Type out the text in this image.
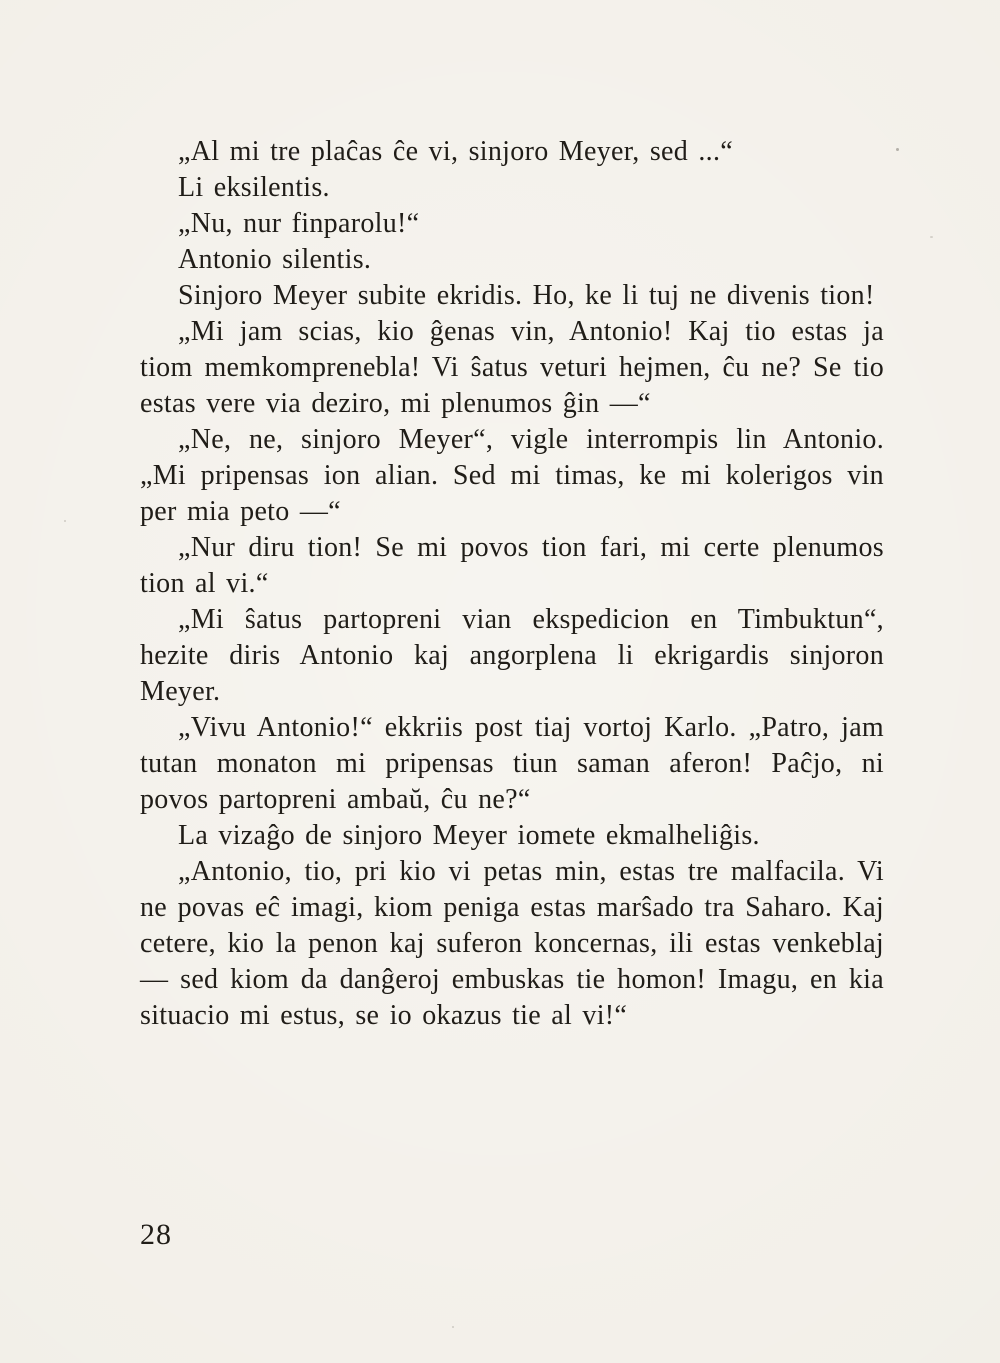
„Al mi tre plaĉas ĉe vi, sinjoro Meyer, sed ...“

Li eksilentis.

„Nu, nur finparolu!“

Antonio silentis.

Sinjoro Meyer subite ekridis. Ho, ke li tuj ne divenis tion!

„Mi jam scias, kio ĝenas vin, Antonio! Kaj tio estas ja tiom memkomprenebla! Vi ŝatus veturi hejmen, ĉu ne? Se tio estas vere via deziro, mi plenumos ĝin —“

„Ne, ne, sinjoro Meyer“, vigle interrompis lin Antonio. „Mi pripensas ion alian. Sed mi timas, ke mi kolerigos vin per mia peto —“

„Nur diru tion! Se mi povos tion fari, mi certe plenumos tion al vi.“

„Mi ŝatus partopreni vian ekspedicion en Timbuktun“, hezite diris Antonio kaj angorplena li ekrigardis sinjoron Meyer.

„Vivu Antonio!“ ekkriis post tiaj vortoj Karlo. „Patro, jam tutan monaton mi pripensas tiun saman aferon! Paĉjo, ni povos partopreni ambaŭ, ĉu ne?“

La vizaĝo de sinjoro Meyer iomete ekmalheliĝis.

„Antonio, tio, pri kio vi petas min, estas tre malfacila. Vi ne povas eĉ imagi, kiom peniga estas marŝado tra Saharo. Kaj cetere, kio la penon kaj suferon koncernas, ili estas venkeblaj — sed kiom da danĝeroj embuskas tie homon! Imagu, en kia situacio mi estus, se io okazus tie al vi!“

28
